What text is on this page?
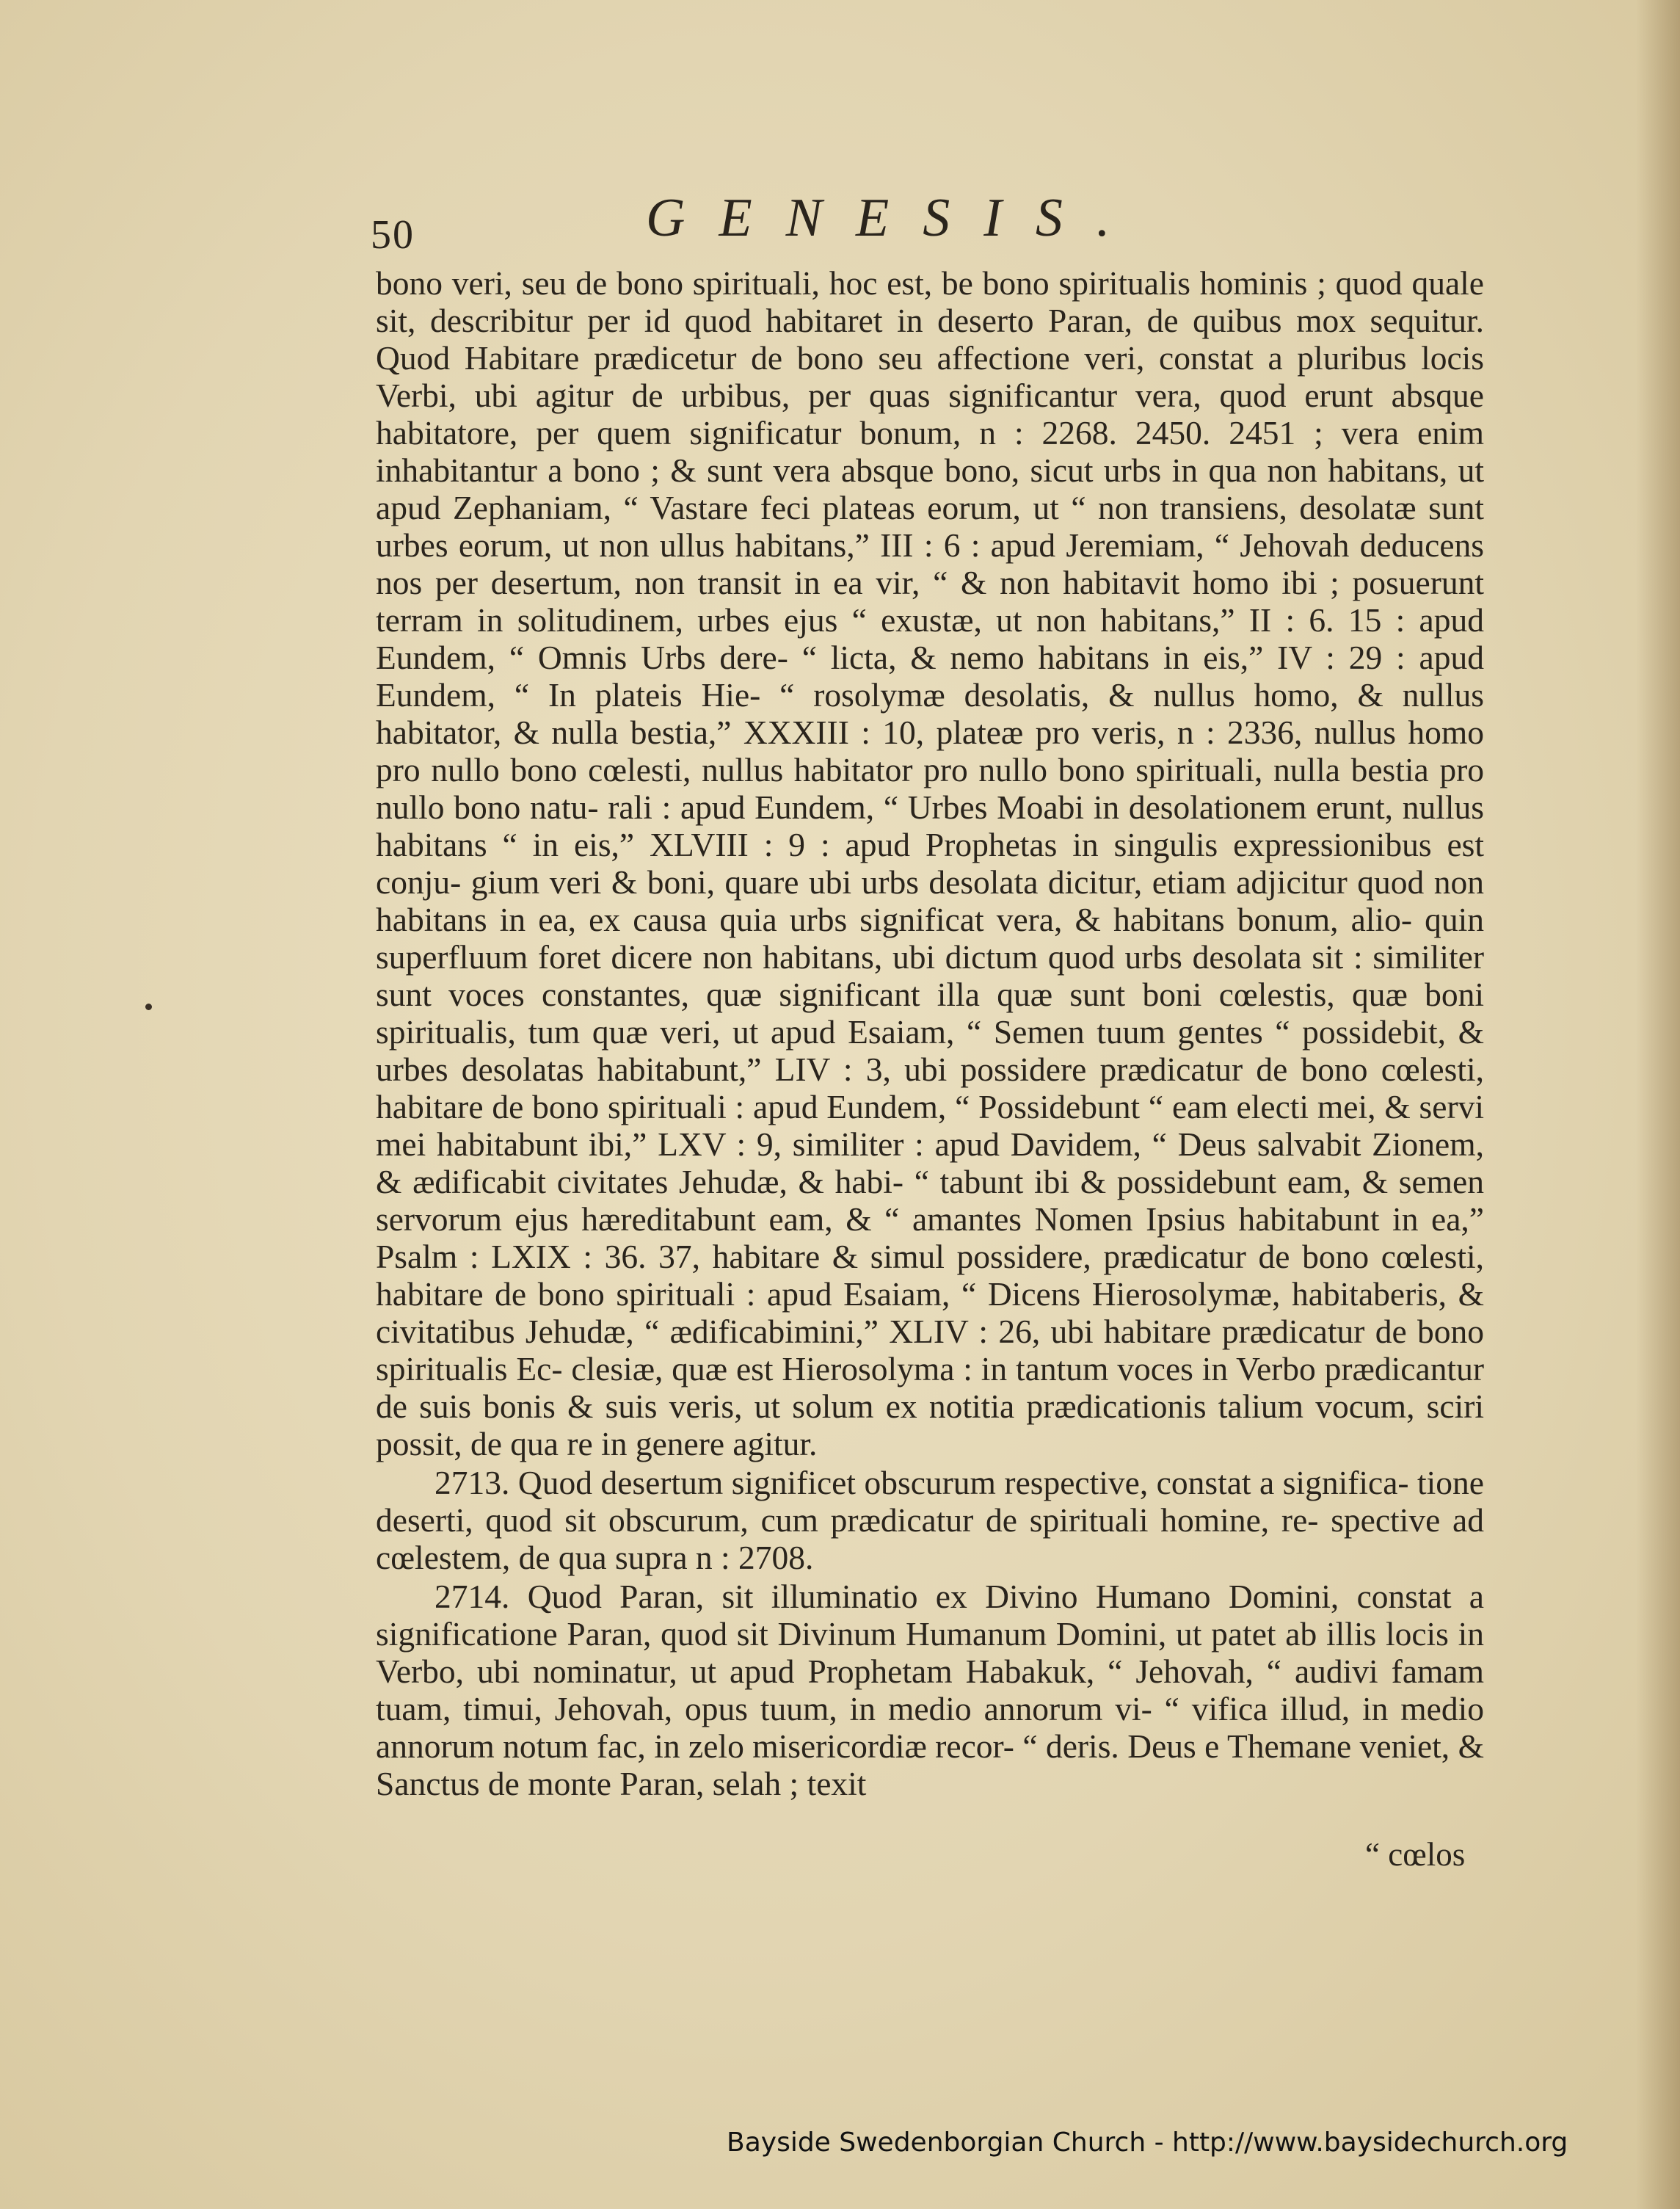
50	GENESIS.

bono veri, seu de bono spirituali, hoc est, be bono spiritualis hominis ; quod quale sit, describitur per id quod habitaret in deserto Paran, de quibus mox sequitur. Quod Habitare prædicetur de bono seu affectione veri, constat a pluribus locis Verbi, ubi agitur de urbibus, per quas significantur vera, quod erunt absque habitatore, per quem significatur bonum, n : 2268. 2450. 2451 ; vera enim inhabitantur a bono ; & sunt vera absque bono, sicut urbs in qua non habitans, ut apud Zephaniam, “ Vastare feci plateas eorum, ut “ non transiens, desolatæ sunt urbes eorum, ut non ullus habitans,” III : 6 : apud Jeremiam, “ Jehovah deducens nos per desertum, non transit in ea vir, “ & non habitavit homo ibi ; posuerunt terram in solitudinem, urbes ejus “ exustæ, ut non habitans,” II : 6. 15 : apud Eundem, “ Omnis Urbs dere- “ licta, & nemo habitans in eis,” IV : 29 : apud Eundem, “ In plateis Hie- “ rosolymæ desolatis, & nullus homo, & nullus habitator, & nulla bestia,” XXXIII : 10, plateæ pro veris, n : 2336, nullus homo pro nullo bono cœlesti, nullus habitator pro nullo bono spirituali, nulla bestia pro nullo bono natu- rali : apud Eundem, “ Urbes Moabi in desolationem erunt, nullus habitans “ in eis,” XLVIII : 9 : apud Prophetas in singulis expressionibus est conju- gium veri & boni, quare ubi urbs desolata dicitur, etiam adjicitur quod non habitans in ea, ex causa quia urbs significat vera, & habitans bonum, alio- quin superfluum foret dicere non habitans, ubi dictum quod urbs desolata sit : similiter sunt voces constantes, quæ significant illa quæ sunt boni cœlestis, quæ boni spiritualis, tum quæ veri, ut apud Esaiam, “ Semen tuum gentes “ possidebit, & urbes desolatas habitabunt,” LIV : 3, ubi possidere prædicatur de bono cœlesti, habitare de bono spirituali : apud Eundem, “ Possidebunt “ eam electi mei, & servi mei habitabunt ibi,” LXV : 9, similiter : apud Davidem, “ Deus salvabit Zionem, & ædificabit civitates Jehudæ, & habi- “ tabunt ibi & possidebunt eam, & semen servorum ejus hæreditabunt eam, & “ amantes Nomen Ipsius habitabunt in ea,” Psalm : LXIX : 36. 37, habitare & simul possidere, prædicatur de bono cœlesti, habitare de bono spirituali : apud Esaiam, “ Dicens Hierosolymæ, habitaberis, & civitatibus Jehudæ, “ ædificabimini,” XLIV : 26, ubi habitare prædicatur de bono spiritualis Ec- clesiæ, quæ est Hierosolyma : in tantum voces in Verbo prædicantur de suis bonis & suis veris, ut solum ex notitia prædicationis talium vocum, sciri possit, de qua re in genere agitur.

2713. Quod desertum significet obscurum respective, constat a significa- tione deserti, quod sit obscurum, cum prædicatur de spirituali homine, re- spective ad cœlestem, de qua supra n : 2708.

2714. Quod Paran, sit illuminatio ex Divino Humano Domini, constat a significatione Paran, quod sit Divinum Humanum Domini, ut patet ab illis locis in Verbo, ubi nominatur, ut apud Prophetam Habakuk, “ Jehovah, “ audivi famam tuam, timui, Jehovah, opus tuum, in medio annorum vi- “ vifica illud, in medio annorum notum fac, in zelo misericordiæ recor- “ deris. Deus e Themane veniet, & Sanctus de monte Paran, selah ; texit

“ cœlos
Bayside Swedenborgian Church - http://www.baysidechurch.org
